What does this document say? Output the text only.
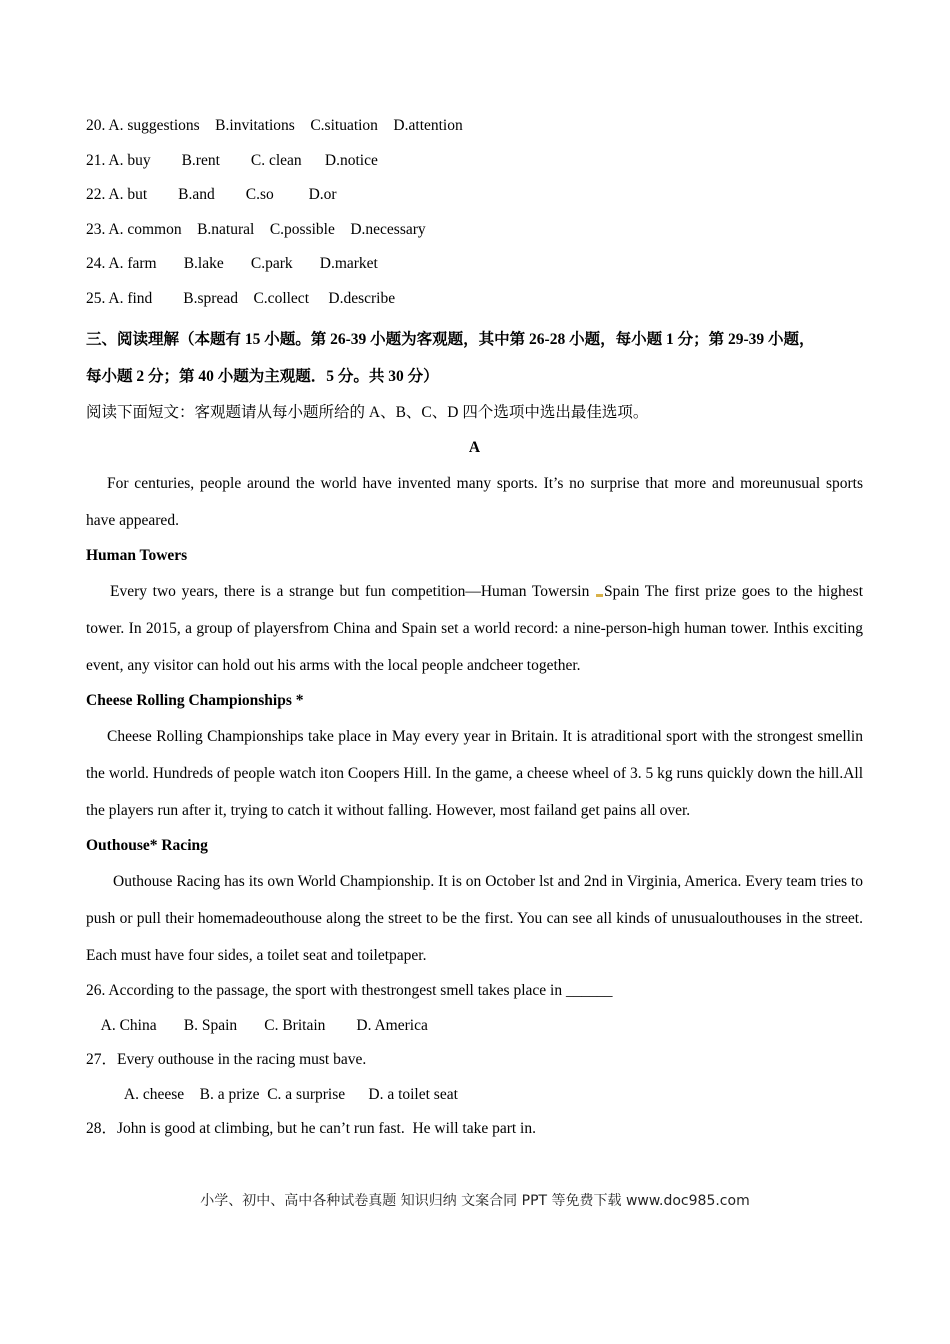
20. A. suggestions    B.invitations    C.situation    D.attention

21. A. buy        B.rent        C. clean      D.notice

22. A. but        B.and        C.so         D.or

23. A. common    B.natural    C.possible    D.necessary

24. A. farm       B.lake       C.park       D.market

25. A. find        B.spread    C.collect     D.describe

三、阅读理解（本题有 15 小题。第 26-39 小题为客观题，其中第 26-28 小题，每小题 1 分；第 29-39 小题，
每小题 2 分；第 40 小题为主观题．5 分。共 30 分）

阅读下面短文：客观题请从每小题所给的 A、B、C、D 四个选项中选出最佳选项。

A

For centuries, people around the world have invented many sports. It’s no surprise that more and moreunusual sports have appeared.

Human Towers

Every two years, there is a strange but fun competition—Human Towersin Spain The first prize goes to the highest tower. In 2015, a group of playersfrom China and Spain set a world record: a nine-person-high human tower. Inthis exciting event, any visitor can hold out his arms with the local people andcheer together.

Cheese Rolling Championships *

Cheese Rolling Championships take place in May every year in Britain. It is atraditional sport with the strongest smellin the world. Hundreds of people watch iton Coopers Hill. In the game, a cheese wheel of 3. 5 kg runs quickly down the hill.All the players run after it, trying to catch it without falling. However, most failand get pains all over.

Outhouse* Racing

Outhouse Racing has its own World Championship. It is on October lst and 2nd in Virginia, America. Every team tries to push or pull their homemadeouthouse along the street to be the first. You can see all kinds of unusualouthouses in the street. Each must have four sides, a toilet seat and toiletpaper.

26. According to the passage, the sport with thestrongest smell takes place in ______

A. China       B. Spain       C. Britain        D. America

27．Every outhouse in the racing must bave.

A. cheese    B. a prize  C. a surprise      D. a toilet seat

28．John is good at climbing, but he can’t run fast.  He will take part in.

小学、初中、高中各种试卷真题 知识归纳 文案合同 PPT 等免费下载 www.doc985.com
